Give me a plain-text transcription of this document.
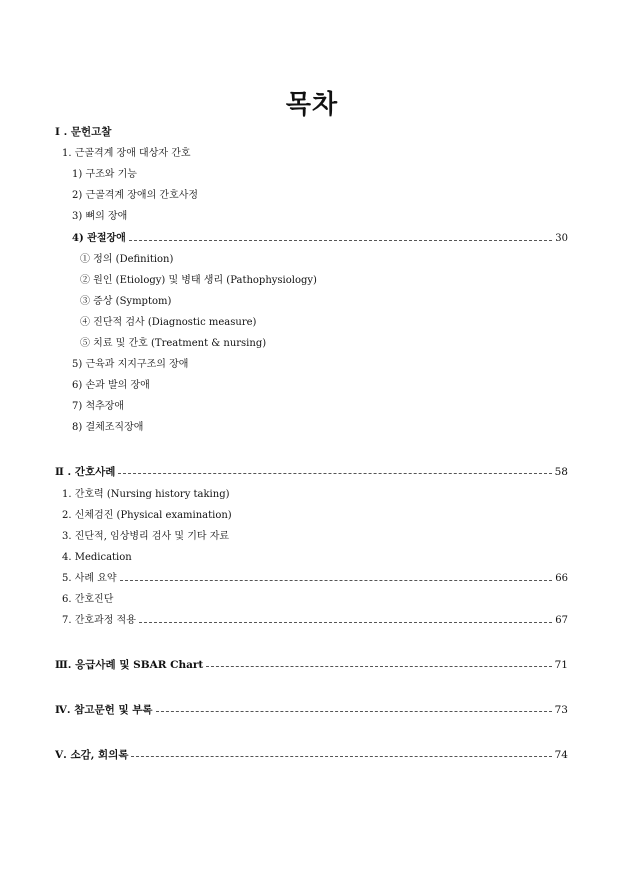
목차
Ⅰ . 문헌고찰
1. 근골격계 장애 대상자 간호
1) 구조와 기능
2) 근골격계 장애의 간호사정
3) 뼈의 장애
4) 관절장애	30
① 정의 (Definition)
② 원인 (Etiology) 및 병태 생리 (Pathophysiology)
③ 증상 (Symptom)
④ 진단적 검사 (Diagnostic measure)
⑤ 치료 및 간호 (Treatment & nursing)
5) 근육과 지지구조의 장애
6) 손과 발의 장애
7) 척추장애
8) 결체조직장애
Ⅱ . 간호사례	58
1. 간호력 (Nursing history taking)
2. 신체검진 (Physical examination)
3. 진단적, 임상병리 검사 및 기타 자료
4. Medication
5. 사례 요약	66
6. 간호진단
7. 간호과정 적용	67
Ⅲ. 응급사례 및 SBAR Chart	71
Ⅳ. 참고문헌 및 부록	73
Ⅴ. 소감, 회의록	74
